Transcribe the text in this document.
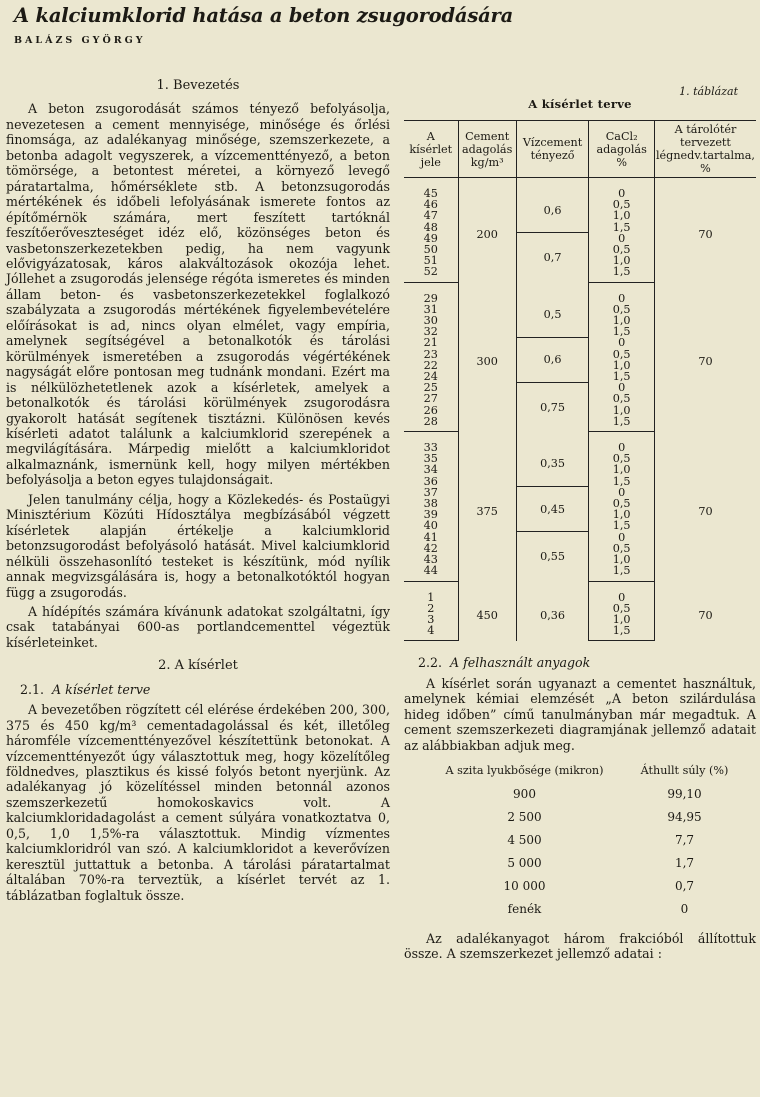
A kalciumklorid hatása a beton zsugorodására
BALÁZS GYÖRGY
1. Bevezetés

A beton zsugorodását számos tényező befolyásolja, nevezetesen a cement mennyisége, minősége és őrlési finomsága, az adalékanyag minősége, szemszerkezete, a betonba adagolt vegyszerek, a vízcementtényező, a beton tömörsége, a betontest méretei, a környező levegő páratartalma, hőmérséklete stb. A betonzsugorodás mértékének és időbeli lefolyásának ismerete fontos az építőmérnök számára, mert feszített tartóknál feszítőerőveszteséget idéz elő, közönséges beton és vasbetonszerkezetekben pedig, ha nem vagyunk elővigyázatosak, káros alakváltozások okozója lehet. Jóllehet a zsugorodás jelensége régóta ismeretes és minden állam beton- és vasbetonszerkezetekkel foglalkozó szabályzata a zsugorodás mértékének figyelembevételére előírásokat is ad, nincs olyan elmélet, vagy empíria, amelynek segítségével a betonalkotók és tárolási körülmények ismeretében a zsugorodás végértékének nagyságát előre pontosan meg tudnánk mondani. Ezért ma is nélkülözhetetlenek azok a kísérletek, amelyek a betonalkotók és tárolási körülmények zsugorodásra gyakorolt hatását segítenek tisztázni. Különösen kevés kísérleti adatot találunk a kalciumklorid szerepének a megvilágítására. Márpedig mielőtt a kalciumkloridot alkalmaznánk, ismernünk kell, hogy milyen mértékben befolyásolja a beton egyes tulajdonságait.

Jelen tanulmány célja, hogy a Közlekedés- és Postaügyi Minisztérium Közúti Hídosztálya megbízásából végzett kísérletek alapján értékelje a kalciumklorid betonzsugorodást befolyásoló hatását. Mivel kalciumklorid nélküli összehasonlító testeket is készítünk, mód nyílik annak megvizsgálására is, hogy a betonalkotóktól hogyan függ a zsugorodás.

A hídépítés számára kívánunk adatokat szolgáltatni, így csak tatabányai 600-as portlandcementtel végeztük kísérleteinket.

2. A kísérlet
2.1. A kísérlet terve

A bevezetőben rögzített cél elérése érdekében 200, 300, 375 és 450 kg/m³ cementadagolással és két, illetőleg háromféle vízcementtényezővel készítettünk betonokat. A vízcementtényezőt úgy választottuk meg, hogy közelítőleg földnedves, plasztikus és kissé folyós betont nyerjünk. Az adalékanyag jó közelítéssel minden betonnál azonos szemszerkezetű homokoskavics volt. A kalciumkloridadagolást a cement súlyára vonatkoztatva 0, 0,5, 1,0 1,5%-ra választottuk. Mindig vízmentes kalciumkloridról van szó. A kalciumkloridot a keverővízen keresztül juttattuk a betonba. A tárolási páratartalmat általában 70%-ra terveztük, a kísérlet tervét az 1. táblázatban foglaltuk össze.

1. táblázat
A kísérlet terve
A kísérlet jele	Cement adagolás kg/m³	Vízcement tényező	CaCl₂ adagolás %	A tárolótér tervezett légnedv.tartalma, %
45	200	0,6	0	70
46			0,5	
47			1,0	
48			1,5	
49		0,7	0	
50			0,5	
51			1,0	
52			1,5	
29	300	0,5	0	70
31			0,5	
30			1,0	
32			1,5	
21		0,6	0	
23			0,5	
22			1,0	
24			1,5	
25		0,75	0	
27			0,5	
26			1,0	
28			1,5	
33	375	0,35	0	70
35			0,5	
34			1,0	
36			1,5	
37		0,45	0	
38			0,5	
39			1,0	
40			1,5	
41		0,55	0	
42			0,5	
43			1,0	
44			1,5	
1	450	0,36	0	70
2			0,5	
3			1,0	
4			1,5	
2.2. A felhasznált anyagok

A kísérlet során ugyanazt a cementet használtuk, amelynek kémiai elemzését „A beton szilárdulása hideg időben” című tanulmányban már megadtuk. A cement szemszerkezeti diagramjának jellemző adatait az alábbiakban adjuk meg.

A szita lyukbősége (mikron)	Áthullt súly (%)
900	99,10
2 500	94,95
4 500	7,7
5 000	1,7
10 000	0,7
fenék	0

Az adalékanyagot három frakcióból állítottuk össze. A szemszerkezet jellemző adatai :
